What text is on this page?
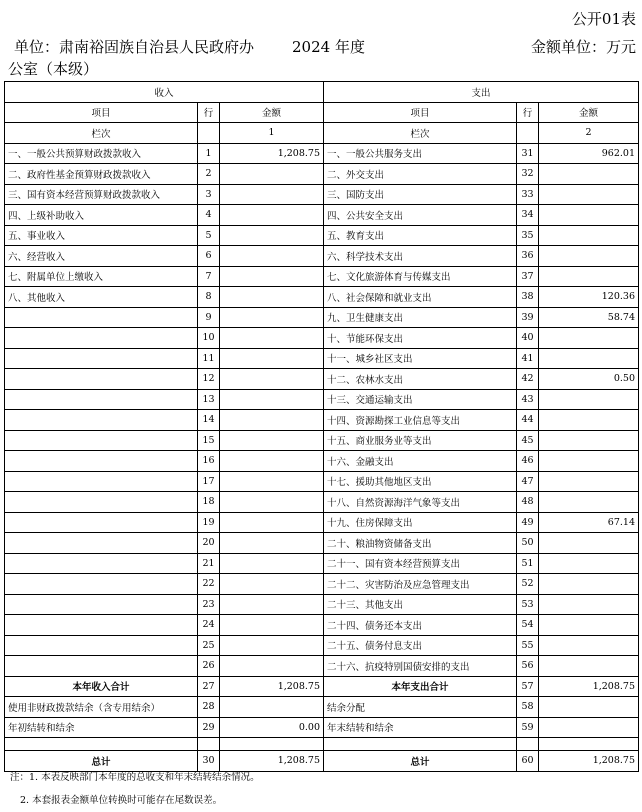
公开01表
单位：肃南裕固族自治县人民政府办
公室（本级）
2024 年度	金额单位：万元
收入			支出		
项目	行	金额	项目	行	金额
栏次		1	栏次		2
一、一般公共预算财政拨款收入	1	1,208.75	一、一般公共服务支出	31	962.01
二、政府性基金预算财政拨款收入	2		二、外交支出	32	
三、国有资本经营预算财政拨款收入	3		三、国防支出	33	
四、上级补助收入	4		四、公共安全支出	34	
五、事业收入	5		五、教育支出	35	
六、经营收入	6		六、科学技术支出	36	
七、附属单位上缴收入	7		七、文化旅游体育与传媒支出	37	
八、其他收入	8		八、社会保障和就业支出	38	120.36
	9		九、卫生健康支出	39	58.74
	10		十、节能环保支出	40	
	11		十一、城乡社区支出	41	
	12		十二、农林水支出	42	0.50
	13		十三、交通运输支出	43	
	14		十四、资源勘探工业信息等支出	44	
	15		十五、商业服务业等支出	45	
	16		十六、金融支出	46	
	17		十七、援助其他地区支出	47	
	18		十八、自然资源海洋气象等支出	48	
	19		十九、住房保障支出	49	67.14
	20		二十、粮油物资储备支出	50	
	21		二十一、国有资本经营预算支出	51	
	22		二十二、灾害防治及应急管理支出	52	
	23		二十三、其他支出	53	
	24		二十四、债务还本支出	54	
	25		二十五、债务付息支出	55	
	26		二十六、抗疫特别国债安排的支出	56	
本年收入合计	27	1,208.75	本年支出合计	57	1,208.75
使用非财政拨款结余（含专用结余）	28		结余分配	58	
年初结转和结余	29	0.00	年末结转和结余	59	

总计	30	1,208.75	总计	60	1,208.75
注：1. 本表反映部门本年度的总收支和年末结转结余情况。
2. 本套报表金额单位转换时可能存在尾数误差。
